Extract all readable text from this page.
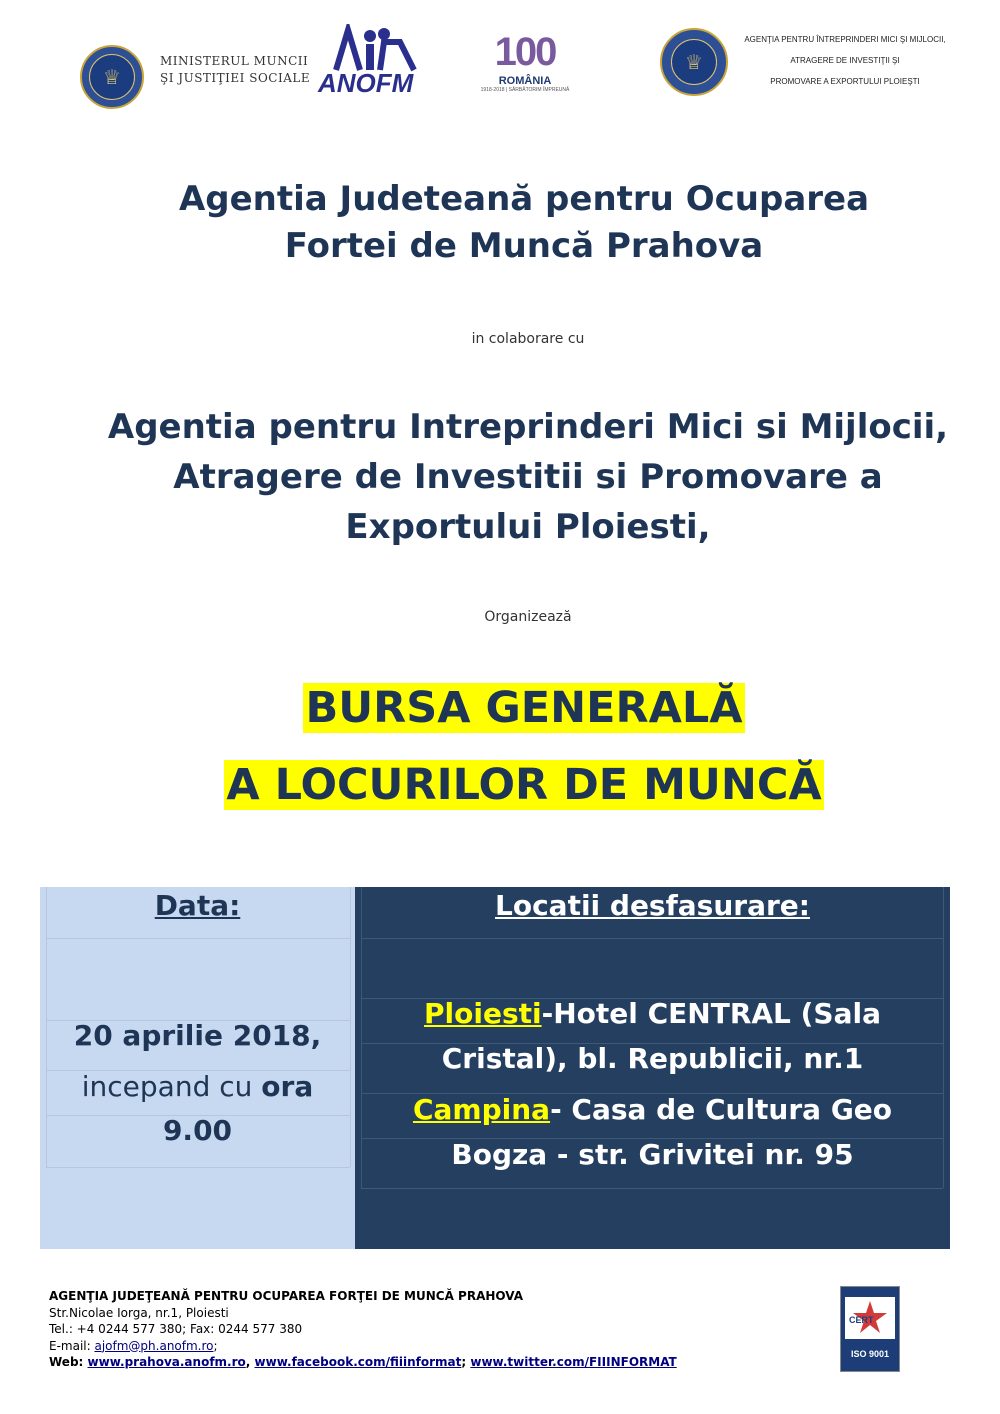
♕
MINISTERUL MUNCII
ŞI JUSTIŢIEI SOCIALE ANOFM
100
ROMÂNIA
1918-2018 | SĂRBĂTORIM ÎMPREUNĂ
♕
AGENŢIA PENTRU ÎNTREPRINDERI MICI ŞI MIJLOCII,
ATRAGERE DE INVESTIŢII ŞI
PROMOVARE A EXPORTULUI PLOIEŞTI
Agentia Judeteană pentru Ocuparea
Fortei de Muncă Prahova
in colaborare cu
Agentia pentru Intreprinderi Mici si Mijlocii,
Atragere de Investitii si Promovare a
Exportului Ploiesti,
Organizează
BURSA GENERALĂ
A LOCURILOR DE MUNCĂ
Data:	Locatii desfasurare:
20 aprilie 2018,
incepand cu ora
9.00
Ploiesti-Hotel CENTRAL (Sala
Cristal), bl. Republicii, nr.1
Campina- Casa de Cultura Geo
Bogza - str. Grivitei nr. 95
AGENŢIA JUDEŢEANĂ PENTRU OCUPAREA FORŢEI DE MUNCĂ PRAHOVA
Str.Nicolae Iorga, nr.1, Ploiesti
Tel.: +4 0244 577 380; Fax: 0244 577 380
E-mail: ajofm@ph.anofm.ro;
Web: www.prahova.anofm.ro, www.facebook.com/fiiinformat; www.twitter.com/FIIINFORMAT
CERT
ISO 9001
